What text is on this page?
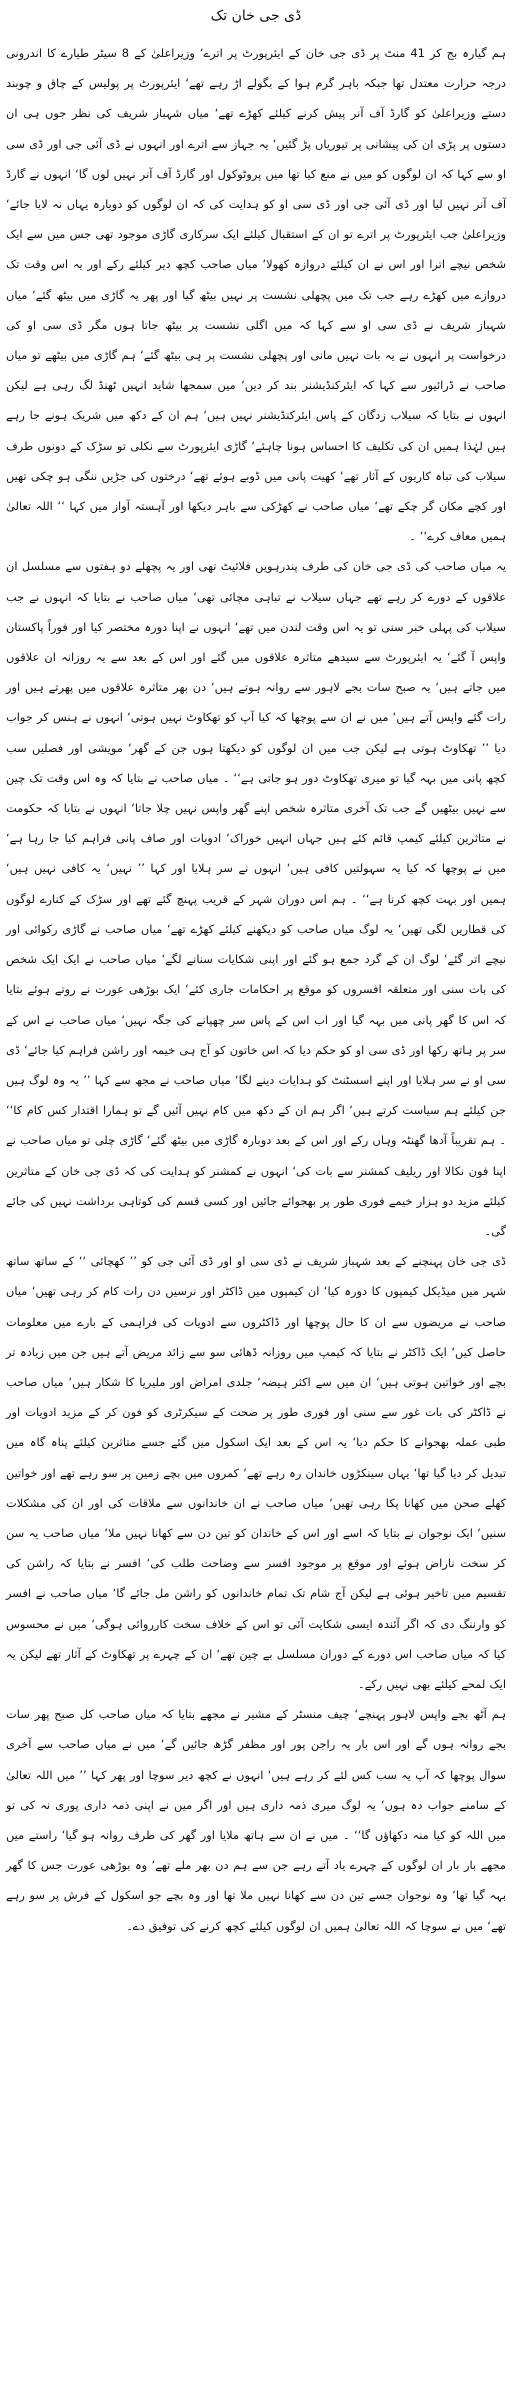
ڈی جی خان تک

ہم گیارہ بج کر 41 منٹ پر ڈی جی خان کے ایئرپورٹ پر اترے‘ وزیراعلیٰ کے 8 سیٹر طیارے کا اندرونی درجہ حرارت معتدل تھا جبکہ باہر گرم ہوا کے بگولے اڑ رہے تھے‘ ایئرپورٹ پر پولیس کے چاق و چوبند دستے وزیراعلیٰ کو گارڈ آف آنر پیش کرنے کیلئے کھڑے تھے‘ میاں شہباز شریف کی نظر جوں ہی ان دستوں پر پڑی ان کی پیشانی پر تیوریاں پڑ گئیں‘ یہ جہاز سے اترے اور انہوں نے ڈی آئی جی اور ڈی سی او سے کہا کہ ان لوگوں کو میں نے منع کیا تھا میں پروٹوکول اور گارڈ آف آنر نہیں لوں گا‘ انہوں نے گارڈ آف آنر نہیں لیا اور ڈی آئی جی اور ڈی سی او کو ہدایت کی کہ ان لوگوں کو دوبارہ یہاں نہ لایا جائے‘ وزیراعلیٰ جب ایئرپورٹ پر اترے تو ان کے استقبال کیلئے ایک سرکاری گاڑی موجود تھی جس میں سے ایک شخص نیچے اترا اور اس نے ان کیلئے دروازہ کھولا‘ میاں صاحب کچھ دیر کیلئے رکے اور یہ اس وقت تک دروازے میں کھڑے رہے جب تک میں پچھلی نشست پر نہیں بیٹھ گیا اور پھر یہ گاڑی میں بیٹھ گئے‘ میاں شہباز شریف نے ڈی سی او سے کہا کہ میں اگلی نشست پر بیٹھ جاتا ہوں مگر ڈی سی او کی درخواست پر انہوں نے یہ بات نہیں مانی اور پچھلی نشست پر ہی بیٹھ گئے‘ ہم گاڑی میں بیٹھے تو میاں صاحب نے ڈرائیور سے کہا کہ ایئرکنڈیشنر بند کر دیں‘ میں سمجھا شاید انہیں ٹھنڈ لگ رہی ہے لیکن انہوں نے بتایا کہ سیلاب زدگان کے پاس ایئرکنڈیشنر نہیں ہیں‘ ہم ان کے دکھ میں شریک ہونے جا رہے ہیں لہٰذا ہمیں ان کی تکلیف کا احساس ہونا چاہئے‘ گاڑی ایئرپورٹ سے نکلی تو سڑک کے دونوں طرف سیلاب کی تباہ کاریوں کے آثار تھے‘ کھیت پانی میں ڈوبے ہوئے تھے‘ درختوں کی جڑیں ننگی ہو چکی تھیں اور کچے مکان گر چکے تھے‘ میاں صاحب نے کھڑکی سے باہر دیکھا اور آہستہ آواز میں کہا ‘‘ اللہ تعالیٰ ہمیں معاف کرے‘‘ ۔

یہ میاں صاحب کی ڈی جی خان کی طرف پندرہویں فلائیٹ تھی اور یہ پچھلے دو ہفتوں سے مسلسل ان علاقوں کے دورے کر رہے تھے جہاں سیلاب نے تباہی مچائی تھی‘ میاں صاحب نے بتایا کہ انہوں نے جب سیلاب کی پہلی خبر سنی تو یہ اس وقت لندن میں تھے‘ انہوں نے اپنا دورہ مختصر کیا اور فوراً پاکستان واپس آ گئے‘ یہ ایئرپورٹ سے سیدھے متاثرہ علاقوں میں گئے اور اس کے بعد سے یہ روزانہ ان علاقوں میں جاتے ہیں‘ یہ صبح سات بجے لاہور سے روانہ ہوتے ہیں‘ دن بھر متاثرہ علاقوں میں پھرتے ہیں اور رات گئے واپس آتے ہیں‘ میں نے ان سے پوچھا کہ کیا آپ کو تھکاوٹ نہیں ہوتی‘ انہوں نے ہنس کر جواب دیا ’’ تھکاوٹ ہوتی ہے لیکن جب میں ان لوگوں کو دیکھتا ہوں جن کے گھر‘ مویشی اور فصلیں سب کچھ پانی میں بہہ گیا تو میری تھکاوٹ دور ہو جاتی ہے‘‘ ۔ میاں صاحب نے بتایا کہ وہ اس وقت تک چین سے نہیں بیٹھیں گے جب تک آخری متاثرہ شخص اپنے گھر واپس نہیں چلا جاتا‘ انہوں نے بتایا کہ حکومت نے متاثرین کیلئے کیمپ قائم کئے ہیں جہاں انہیں خوراک‘ ادویات اور صاف پانی فراہم کیا جا رہا ہے‘ میں نے پوچھا کہ کیا یہ سہولتیں کافی ہیں‘ انہوں نے سر ہلایا اور کہا ’’ نہیں‘ یہ کافی نہیں ہیں‘ ہمیں اور بہت کچھ کرنا ہے‘‘ ۔ ہم اس دوران شہر کے قریب پہنچ گئے تھے اور سڑک کے کنارے لوگوں کی قطاریں لگی تھیں‘ یہ لوگ میاں صاحب کو دیکھنے کیلئے کھڑے تھے‘ میاں صاحب نے گاڑی رکوائی اور نیچے اتر گئے‘ لوگ ان کے گرد جمع ہو گئے اور اپنی شکایات سنانے لگے‘ میاں صاحب نے ایک ایک شخص کی بات سنی اور متعلقہ افسروں کو موقع پر احکامات جاری کئے‘ ایک بوڑھی عورت نے روتے ہوئے بتایا کہ اس کا گھر پانی میں بہہ گیا اور اب اس کے پاس سر چھپانے کی جگہ نہیں‘ میاں صاحب نے اس کے سر پر ہاتھ رکھا اور ڈی سی او کو حکم دیا کہ اس خاتون کو آج ہی خیمہ اور راشن فراہم کیا جائے‘ ڈی سی او نے سر ہلایا اور اپنے اسسٹنٹ کو ہدایات دینے لگا‘ میاں صاحب نے مجھ سے کہا ’’ یہ وہ لوگ ہیں جن کیلئے ہم سیاست کرتے ہیں‘ اگر ہم ان کے دکھ میں کام نہیں آئیں گے تو ہمارا اقتدار کس کام کا‘‘ ۔ ہم تقریباً آدھا گھنٹہ وہاں رکے اور اس کے بعد دوبارہ گاڑی میں بیٹھ گئے‘ گاڑی چلی تو میاں صاحب نے اپنا فون نکالا اور ریلیف کمشنر سے بات کی‘ انہوں نے کمشنر کو ہدایت کی کہ ڈی جی خان کے متاثرین کیلئے مزید دو ہزار خیمے فوری طور پر بھجوائے جائیں اور کسی قسم کی کوتاہی برداشت نہیں کی جائے گی۔

ڈی جی خان پہنچنے کے بعد شہباز شریف نے ڈی سی او اور ڈی آئی جی کو ’’ کھچائی ‘‘ کے ساتھ ساتھ شہر میں میڈیکل کیمپوں کا دورہ کیا‘ ان کیمپوں میں ڈاکٹر اور نرسیں دن رات کام کر رہی تھیں‘ میاں صاحب نے مریضوں سے ان کا حال پوچھا اور ڈاکٹروں سے ادویات کی فراہمی کے بارے میں معلومات حاصل کیں‘ ایک ڈاکٹر نے بتایا کہ کیمپ میں روزانہ ڈھائی سو سے زائد مریض آتے ہیں جن میں زیادہ تر بچے اور خواتین ہوتی ہیں‘ ان میں سے اکثر ہیضہ‘ جلدی امراض اور ملیریا کا شکار ہیں‘ میاں صاحب نے ڈاکٹر کی بات غور سے سنی اور فوری طور پر صحت کے سیکرٹری کو فون کر کے مزید ادویات اور طبی عملہ بھجوانے کا حکم دیا‘ یہ اس کے بعد ایک اسکول میں گئے جسے متاثرین کیلئے پناہ گاہ میں تبدیل کر دیا گیا تھا‘ یہاں سینکڑوں خاندان رہ رہے تھے‘ کمروں میں بچے زمین پر سو رہے تھے اور خواتین کھلے صحن میں کھانا پکا رہی تھیں‘ میاں صاحب نے ان خاندانوں سے ملاقات کی اور ان کی مشکلات سنیں‘ ایک نوجوان نے بتایا کہ اسے اور اس کے خاندان کو تین دن سے کھانا نہیں ملا‘ میاں صاحب یہ سن کر سخت ناراض ہوئے اور موقع پر موجود افسر سے وضاحت طلب کی‘ افسر نے بتایا کہ راشن کی تقسیم میں تاخیر ہوئی ہے لیکن آج شام تک تمام خاندانوں کو راشن مل جائے گا‘ میاں صاحب نے افسر کو وارننگ دی کہ اگر آئندہ ایسی شکایت آئی تو اس کے خلاف سخت کارروائی ہوگی‘ میں نے محسوس کیا کہ میاں صاحب اس دورے کے دوران مسلسل بے چین تھے‘ ان کے چہرے پر تھکاوٹ کے آثار تھے لیکن یہ ایک لمحے کیلئے بھی نہیں رکے۔

ہم آٹھ بجے واپس لاہور پہنچے‘ چیف منسٹر کے مشیر نے مجھے بتایا کہ میاں صاحب کل صبح پھر سات بجے روانہ ہوں گے اور اس بار یہ راجن پور اور مظفر گڑھ جائیں گے‘ میں نے میاں صاحب سے آخری سوال پوچھا کہ آپ یہ سب کس لئے کر رہے ہیں‘ انہوں نے کچھ دیر سوچا اور پھر کہا ’’ میں اللہ تعالیٰ کے سامنے جواب دہ ہوں‘ یہ لوگ میری ذمہ داری ہیں اور اگر میں نے اپنی ذمہ داری پوری نہ کی تو میں اللہ کو کیا منہ دکھاؤں گا‘‘ ۔ میں نے ان سے ہاتھ ملایا اور گھر کی طرف روانہ ہو گیا‘ راستے میں مجھے بار بار ان لوگوں کے چہرے یاد آتے رہے جن سے ہم دن بھر ملے تھے‘ وہ بوڑھی عورت جس کا گھر بہہ گیا تھا‘ وہ نوجوان جسے تین دن سے کھانا نہیں ملا تھا اور وہ بچے جو اسکول کے فرش پر سو رہے تھے‘ میں نے سوچا کہ اللہ تعالیٰ ہمیں ان لوگوں کیلئے کچھ کرنے کی توفیق دے۔
